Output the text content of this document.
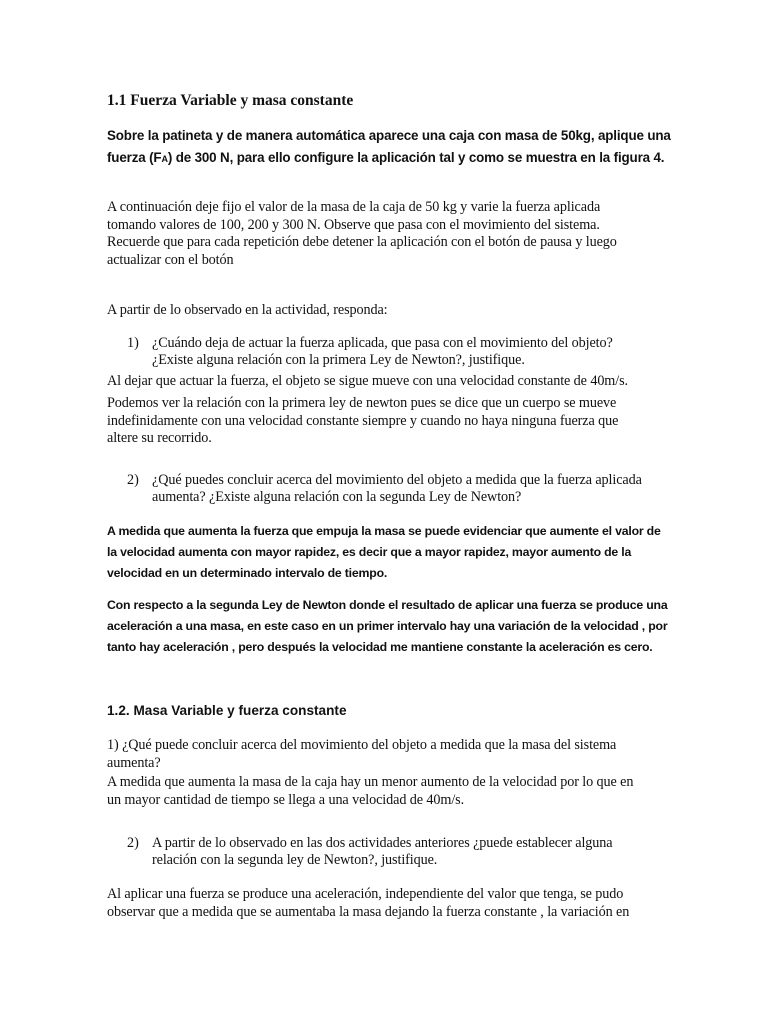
1.1 Fuerza Variable y masa constante
Sobre la patineta y de manera automática aparece una caja con masa de 50kg, aplique una
fuerza (FA) de 300 N, para ello configure la aplicación tal y como se muestra en la figura 4.
A continuación deje fijo el valor de la masa de la caja de 50 kg y varie la fuerza aplicada
tomando valores de 100, 200 y 300 N. Observe que pasa con el movimiento del sistema.
Recuerde que para cada repetición debe detener la aplicación con el botón de pausa y luego
actualizar con el botón
A partir de lo observado en la actividad, responda:
1) ¿Cuándo deja de actuar la fuerza aplicada, que pasa con el movimiento del objeto?
¿Existe alguna relación con la primera Ley de Newton?, justifique.
Al dejar que actuar la fuerza, el objeto se sigue mueve con una velocidad constante de 40m/s.
Podemos ver la relación con la primera ley de newton pues se dice que un cuerpo se mueve
indefinidamente con una velocidad constante siempre y cuando no haya ninguna fuerza que
altere su recorrido.
2) ¿Qué puedes concluir acerca del movimiento del objeto a medida que la fuerza aplicada
aumenta? ¿Existe alguna relación con la segunda Ley de Newton?
A medida que aumenta la fuerza que empuja la masa se puede evidenciar que aumente el valor de
la velocidad aumenta con mayor rapidez, es decir que a mayor rapidez, mayor aumento de la
velocidad en un determinado intervalo de tiempo.
Con respecto a la segunda Ley de Newton donde el resultado de aplicar una fuerza se produce una
aceleración a una masa, en este caso en un primer intervalo hay una variación de la velocidad , por
tanto hay aceleración , pero después la velocidad me mantiene constante la aceleración es cero.
1.2. Masa Variable y fuerza constante
1) ¿Qué puede concluir acerca del movimiento del objeto a medida que la masa del sistema
aumenta?
A medida que aumenta la masa de la caja hay un menor aumento de la velocidad por lo que en
un mayor cantidad de tiempo se llega a una velocidad de 40m/s.
2) A partir de lo observado en las dos actividades anteriores ¿puede establecer alguna
relación con la segunda ley de Newton?, justifique.
Al aplicar una fuerza se produce una aceleración, independiente del valor que tenga, se pudo
observar que a medida que se aumentaba la masa dejando la fuerza constante , la variación en
